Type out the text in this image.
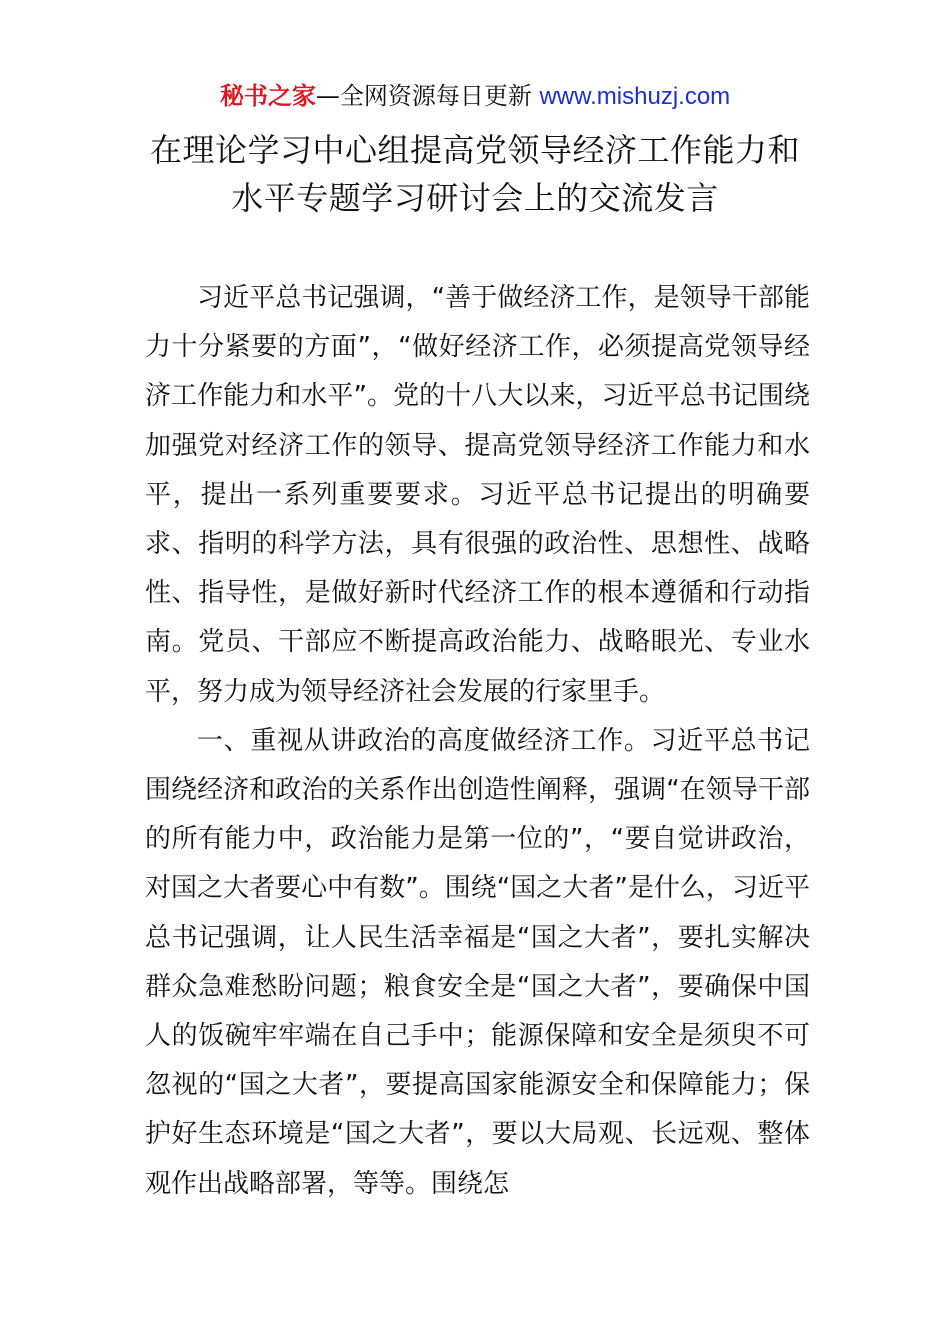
秘书之家—全网资源每日更新 www.mishuzj.com
在理论学习中心组提高党领导经济工作能力和
水平专题学习研讨会上的交流发言

习近平总书记强调，“善于做经济工作，是领导干部能力十分紧要的方面”，“做好经济工作，必须提高党领导经济工作能力和水平”。党的十八大以来，习近平总书记围绕加强党对经济工作的领导、提高党领导经济工作能力和水平，提出一系列重要要求。习近平总书记提出的明确要求、指明的科学方法，具有很强的政治性、思想性、战略性、指导性，是做好新时代经济工作的根本遵循和行动指南。党员、干部应不断提高政治能力、战略眼光、专业水平，努力成为领导经济社会发展的行家里手。

一、重视从讲政治的高度做经济工作。习近平总书记围绕经济和政治的关系作出创造性阐释，强调“在领导干部的所有能力中，政治能力是第一位的”，“要自觉讲政治，对国之大者要心中有数”。围绕“国之大者”是什么，习近平总书记强调，让人民生活幸福是“国之大者”，要扎实解决群众急难愁盼问题；粮食安全是“国之大者”，要确保中国人的饭碗牢牢端在自己手中；能源保障和安全是须臾不可忽视的“国之大者”，要提高国家能源安全和保障能力；保护好生态环境是“国之大者”，要以大局观、长远观、整体观作出战略部署，等等。围绕怎
